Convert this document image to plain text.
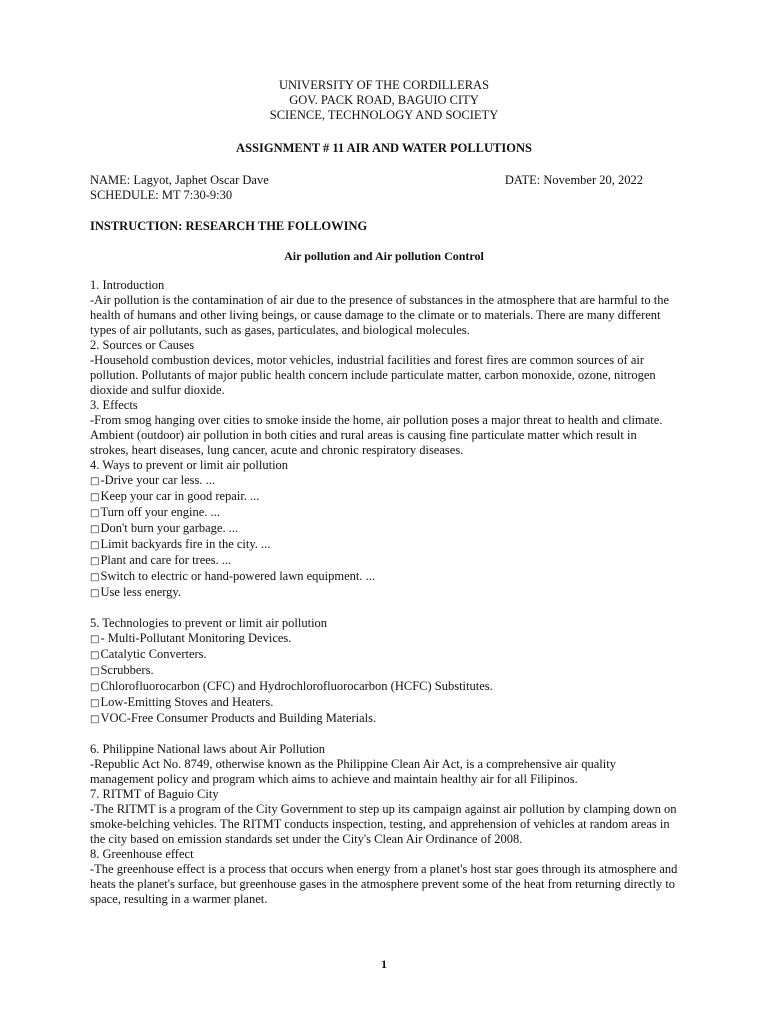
UNIVERSITY OF THE CORDILLERAS
GOV. PACK ROAD, BAGUIO CITY
SCIENCE, TECHNOLOGY AND SOCIETY
ASSIGNMENT # 11 AIR AND WATER POLLUTIONS
NAME: Lagyot, Japhet Oscar Dave	DATE: November 20, 2022
SCHEDULE: MT 7:30-9:30
INSTRUCTION: RESEARCH THE FOLLOWING
Air pollution and Air pollution Control

1. Introduction

-Air pollution is the contamination of air due to the presence of substances in the atmosphere that are harmful to the health of humans and other living beings, or cause damage to the climate or to materials. There are many different types of air pollutants, such as gases, particulates, and biological molecules.

2. Sources or Causes

-Household combustion devices, motor vehicles, industrial facilities and forest fires are common sources of air pollution. Pollutants of major public health concern include particulate matter, carbon monoxide, ozone, nitrogen dioxide and sulfur dioxide.

3. Effects

-From smog hanging over cities to smoke inside the home, air pollution poses a major threat to health and climate. Ambient (outdoor) air pollution in both cities and rural areas is causing fine particulate matter which result in strokes, heart diseases, lung cancer, acute and chronic respiratory diseases.

4. Ways to prevent or limit air pollution

□ -Drive your car less. ...

□ Keep your car in good repair. ...

□ Turn off your engine. ...

□ Don't burn your garbage. ...

□ Limit backyards fire in the city. ...

□ Plant and care for trees. ...

□ Switch to electric or hand-powered lawn equipment. ...

□ Use less energy.

5. Technologies to prevent or limit air pollution

□ - Multi-Pollutant Monitoring Devices.

□ Catalytic Converters.

□ Scrubbers.

□ Chlorofluorocarbon (CFC) and Hydrochlorofluorocarbon (HCFC) Substitutes.

□ Low-Emitting Stoves and Heaters.

□ VOC-Free Consumer Products and Building Materials.

6. Philippine National laws about Air Pollution

-Republic Act No. 8749, otherwise known as the Philippine Clean Air Act, is a comprehensive air quality management policy and program which aims to achieve and maintain healthy air for all Filipinos.

7. RITMT of Baguio City

-The RITMT is a program of the City Government to step up its campaign against air pollution by clamping down on smoke-belching vehicles. The RITMT conducts inspection, testing, and apprehension of vehicles at random areas in the city based on emission standards set under the City's Clean Air Ordinance of 2008.

8. Greenhouse effect

-The greenhouse effect is a process that occurs when energy from a planet's host star goes through its atmosphere and heats the planet's surface, but greenhouse gases in the atmosphere prevent some of the heat from returning directly to space, resulting in a warmer planet.

1
